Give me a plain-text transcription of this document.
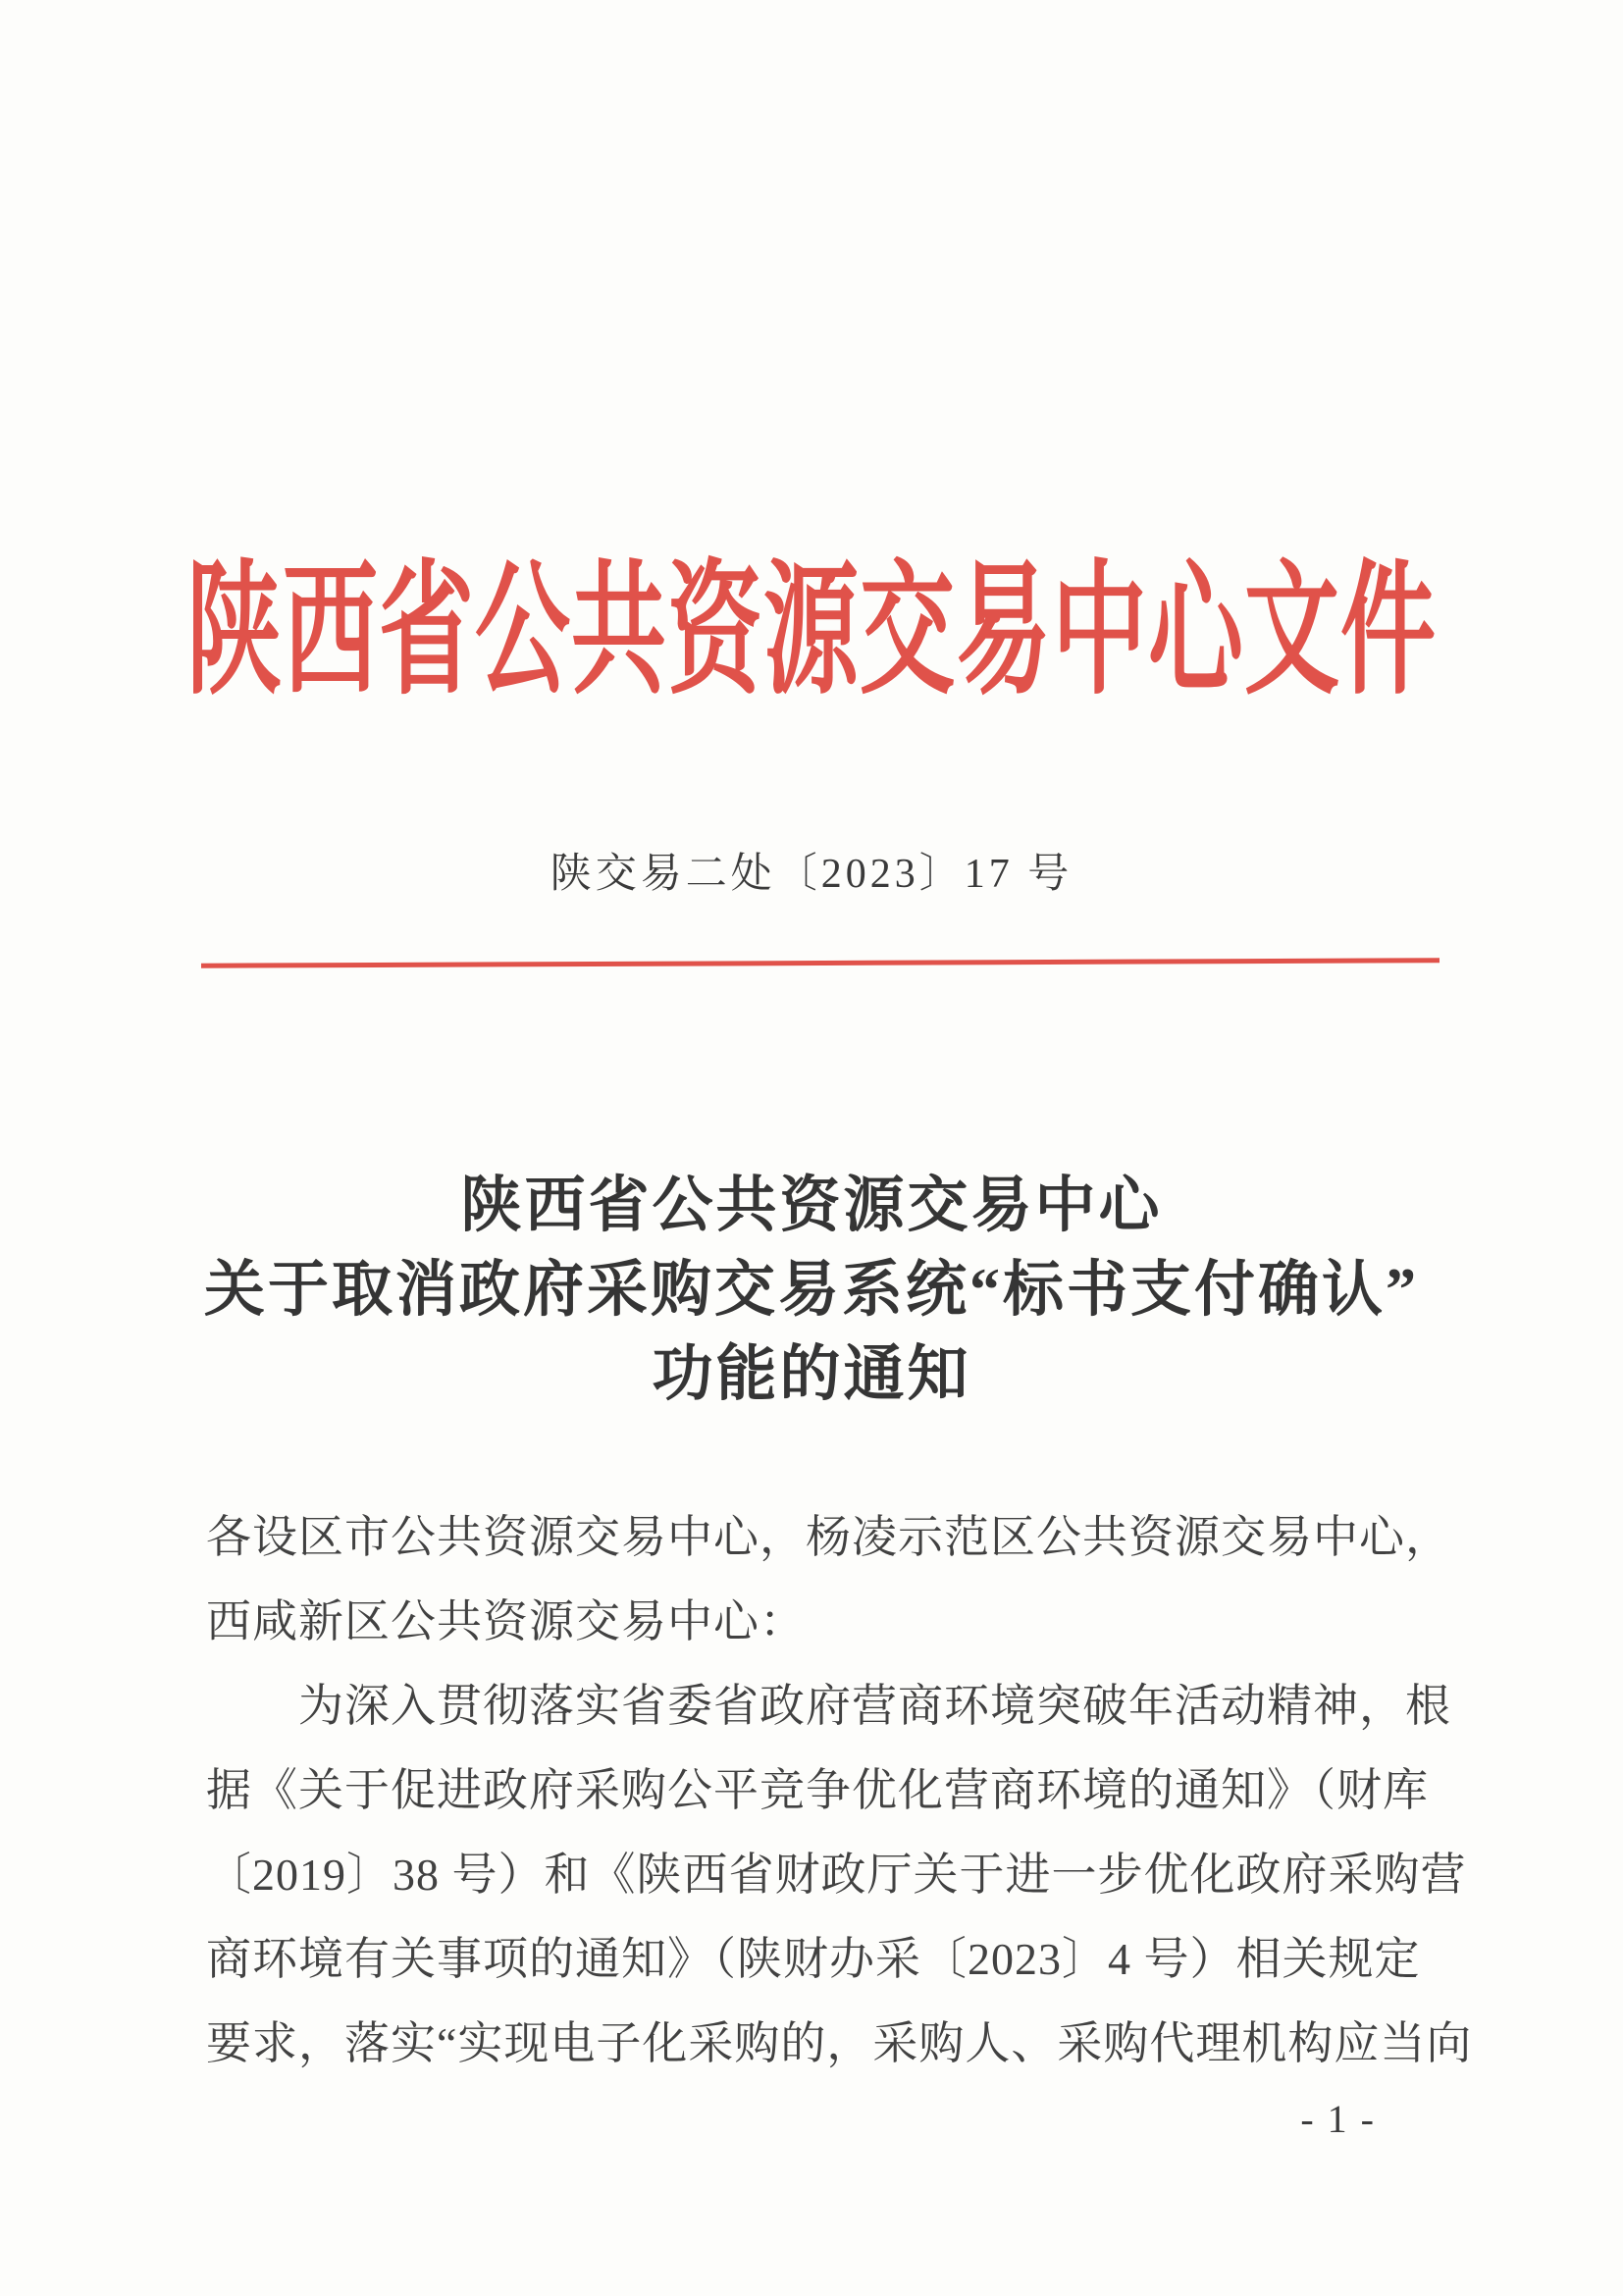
陕西省公共资源交易中心文件
陕交易二处〔2023〕17 号
陕西省公共资源交易中心
关于取消政府采购交易系统“标书支付确认”
功能的通知
各设区市公共资源交易中心，杨凌示范区公共资源交易中心，
西咸新区公共资源交易中心：
　　为深入贯彻落实省委省政府营商环境突破年活动精神，根
据《关于促进政府采购公平竞争优化营商环境的通知》（财库
〔2019〕38 号）和《陕西省财政厅关于进一步优化政府采购营
商环境有关事项的通知》（陕财办采〔2023〕4 号）相关规定
要求，落实“实现电子化采购的，采购人、采购代理机构应当向
- 1 -
